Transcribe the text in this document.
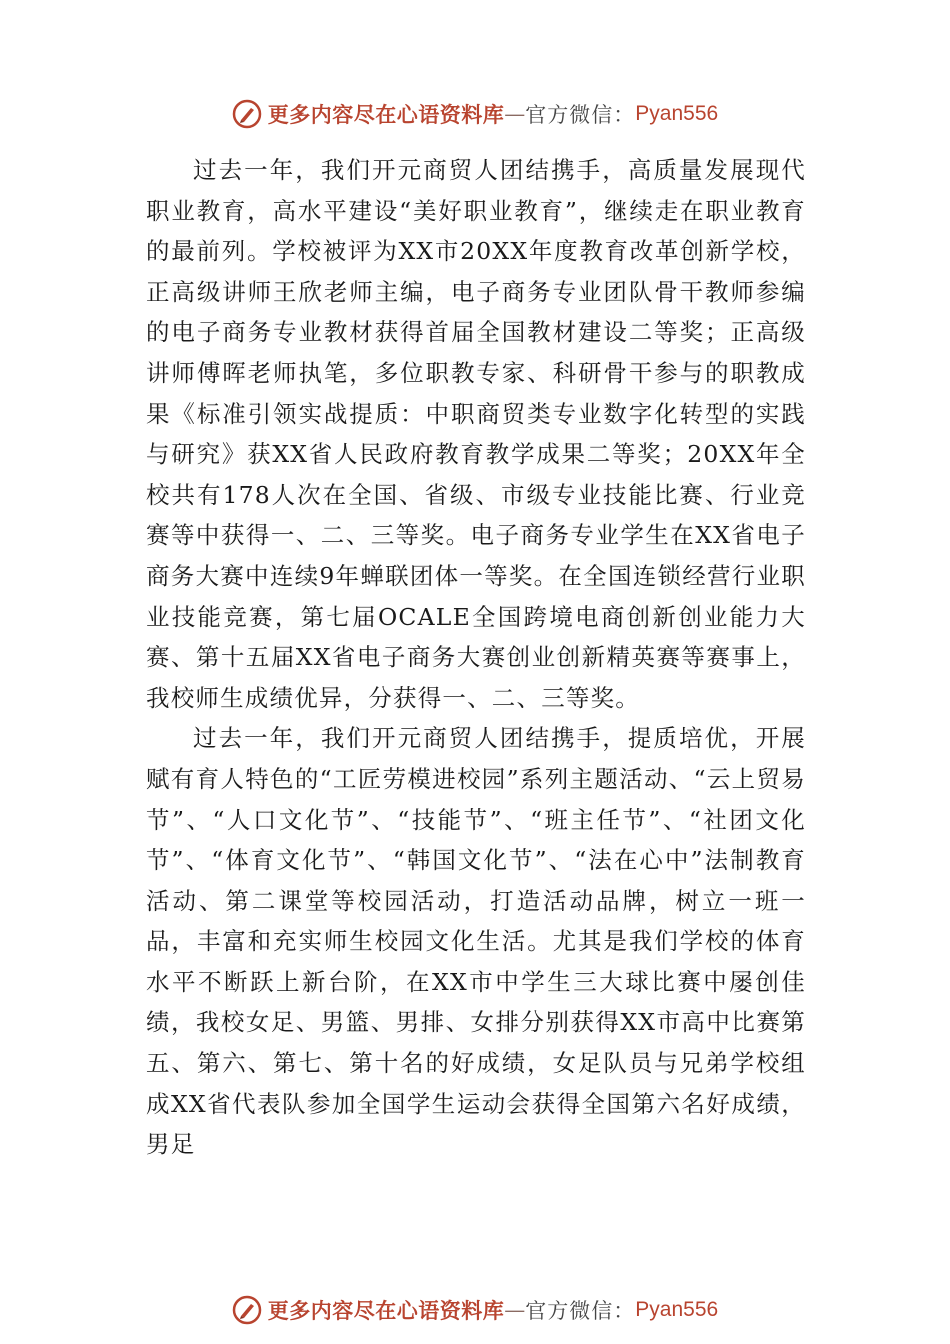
更多内容尽在心语资料库 — 官方微信： Pyan556

过去一年，我们开元商贸人团结携手，高质量发展现代职业教育，高水平建设“美好职业教育”，继续走在职业教育的最前列。学校被评为XX市20XX年度教育改革创新学校，正高级讲师王欣老师主编，电子商务专业团队骨干教师参编的电子商务专业教材获得首届全国教材建设二等奖；正高级讲师傅晖老师执笔，多位职教专家、科研骨干参与的职教成果《标准引领实战提质：中职商贸类专业数字化转型的实践与研究》获XX省人民政府教育教学成果二等奖；20XX年全校共有178人次在全国、省级、市级专业技能比赛、行业竞赛等中获得一、二、三等奖。电子商务专业学生在XX省电子商务大赛中连续9年蝉联团体一等奖。在全国连锁经营行业职业技能竞赛，第七届OCALE全国跨境电商创新创业能力大赛、第十五届XX省电子商务大赛创业创新精英赛等赛事上，我校师生成绩优异，分获得一、二、三等奖。

过去一年，我们开元商贸人团结携手，提质培优，开展赋有育人特色的“工匠劳模进校园”系列主题活动、“云上贸易节”、“人口文化节”、“技能节”、“班主任节”、“社团文化节”、“体育文化节”、“韩国文化节”、“法在心中”法制教育活动、第二课堂等校园活动，打造活动品牌，树立一班一品，丰富和充实师生校园文化生活。尤其是我们学校的体育水平不断跃上新台阶，在XX市中学生三大球比赛中屡创佳绩，我校女足、男篮、男排、女排分别获得XX市高中比赛第五、第六、第七、第十名的好成绩，女足队员与兄弟学校组成XX省代表队参加全国学生运动会获得全国第六名好成绩，男足

更多内容尽在心语资料库 — 官方微信： Pyan556
